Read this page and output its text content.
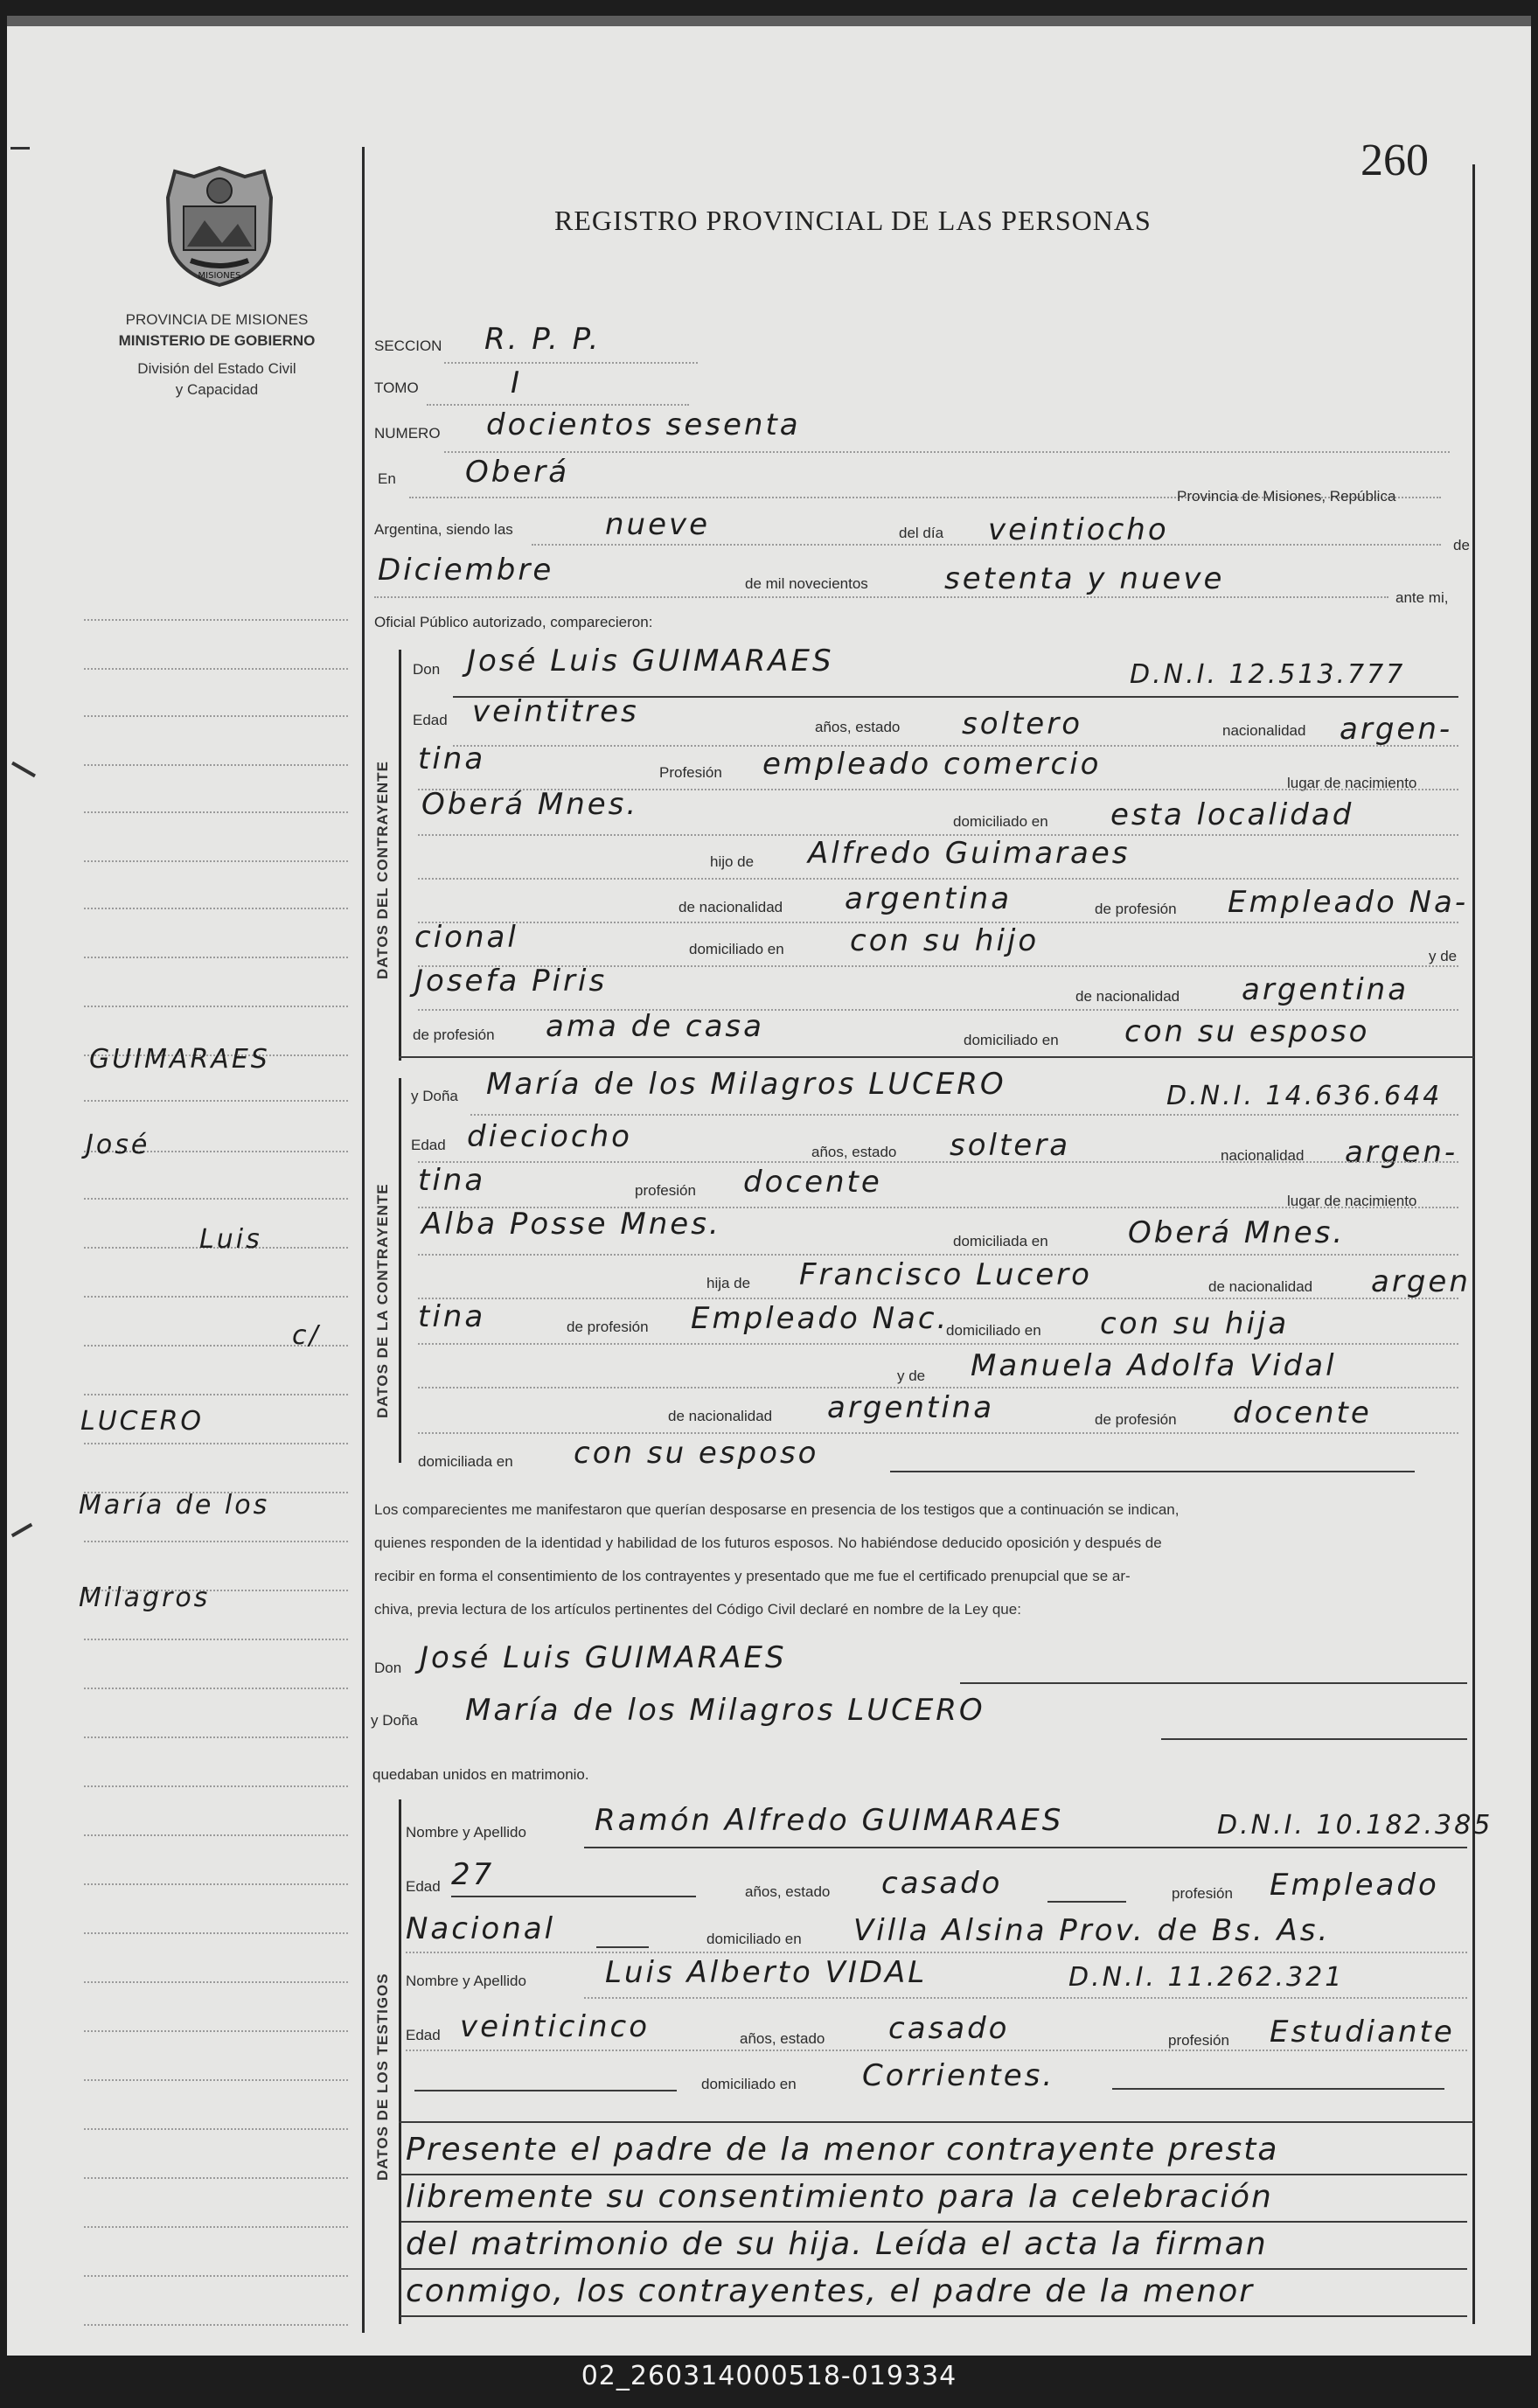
260
MISIONES
PROVINCIA DE MISIONES
MINISTERIO DE GOBIERNO
División del Estado Civil
y Capacidad
REGISTRO PROVINCIAL DE LAS PERSONAS
SECCION R. P. P.
TOMO	I
NUMERO docientos sesenta
En Oberá
Provincia de Misiones, República
Argentina, siendo las	nueve	del día veintiocho	de
Diciembre	de mil novecientos	setenta y nueve
ante mi,
Oficial Público autorizado, comparecieron:
DATOS DEL CONTRAYENTE
Don José Luis GUIMARAES	D.N.I. 12.513.777
Edad veintitres	años, estado soltero	nacionalidad argen-
tina	Profesión empleado comercio
lugar de nacimiento
Oberá Mnes.	domiciliado en esta localidad
hijo de Alfredo Guimaraes
de nacionalidad argentina	de profesión Empleado Na-
cional	domiciliado en con su hijo	y de
Josefa Piris	de nacionalidad argentina
de profesión ama de casa	domiciliado en con su esposo
DATOS DE LA CONTRAYENTE
y Doña María de los Milagros LUCERO	D.N.I. 14.636.644
Edad dieciocho	años, estado soltera	nacionalidad argen-
tina	profesión docente
lugar de nacimiento
Alba Posse Mnes.	domiciliada en	Oberá Mnes.
hija de Francisco Lucero	de nacionalidad argen
tina	de profesión Empleado Nac.
domiciliado en con su hija
y de Manuela Adolfa Vidal
de nacionalidad argentina	de profesión docente
domiciliada en con su esposo
Los comparecientes me manifestaron que querían desposarse en presencia de los testigos que a continuación se indican,
quienes responden de la identidad y habilidad de los futuros esposos. No habiéndose deducido oposición y después de
recibir en forma el consentimiento de los contrayentes y presentado que me fue el certificado prenupcial que se ar-
chiva, previa lectura de los artículos pertinentes del Código Civil declaré en nombre de la Ley que:
Don José Luis GUIMARAES
y Doña María de los Milagros LUCERO
quedaban unidos en matrimonio.
DATOS DE LOS TESTIGOS
Nombre y Apellido Ramón Alfredo GUIMARAES	D.N.I. 10.182.385
Edad 27	años, estado casado	profesión Empleado
Nacional	domiciliado en Villa Alsina Prov. de Bs. As.
Nombre y Apellido	Luis Alberto VIDAL	D.N.I. 11.262.321
Edad veinticinco	años, estado casado	profesión Estudiante
domiciliado en Corrientes.
Presente el padre de la menor contrayente presta
libremente su consentimiento para la celebración
del matrimonio de su hija. Leída el acta la firman
conmigo, los contrayentes, el padre de la menor
GUIMARAES
José
Luis
c/
LUCERO
María de los
Milagros
02_260314000518-019334
